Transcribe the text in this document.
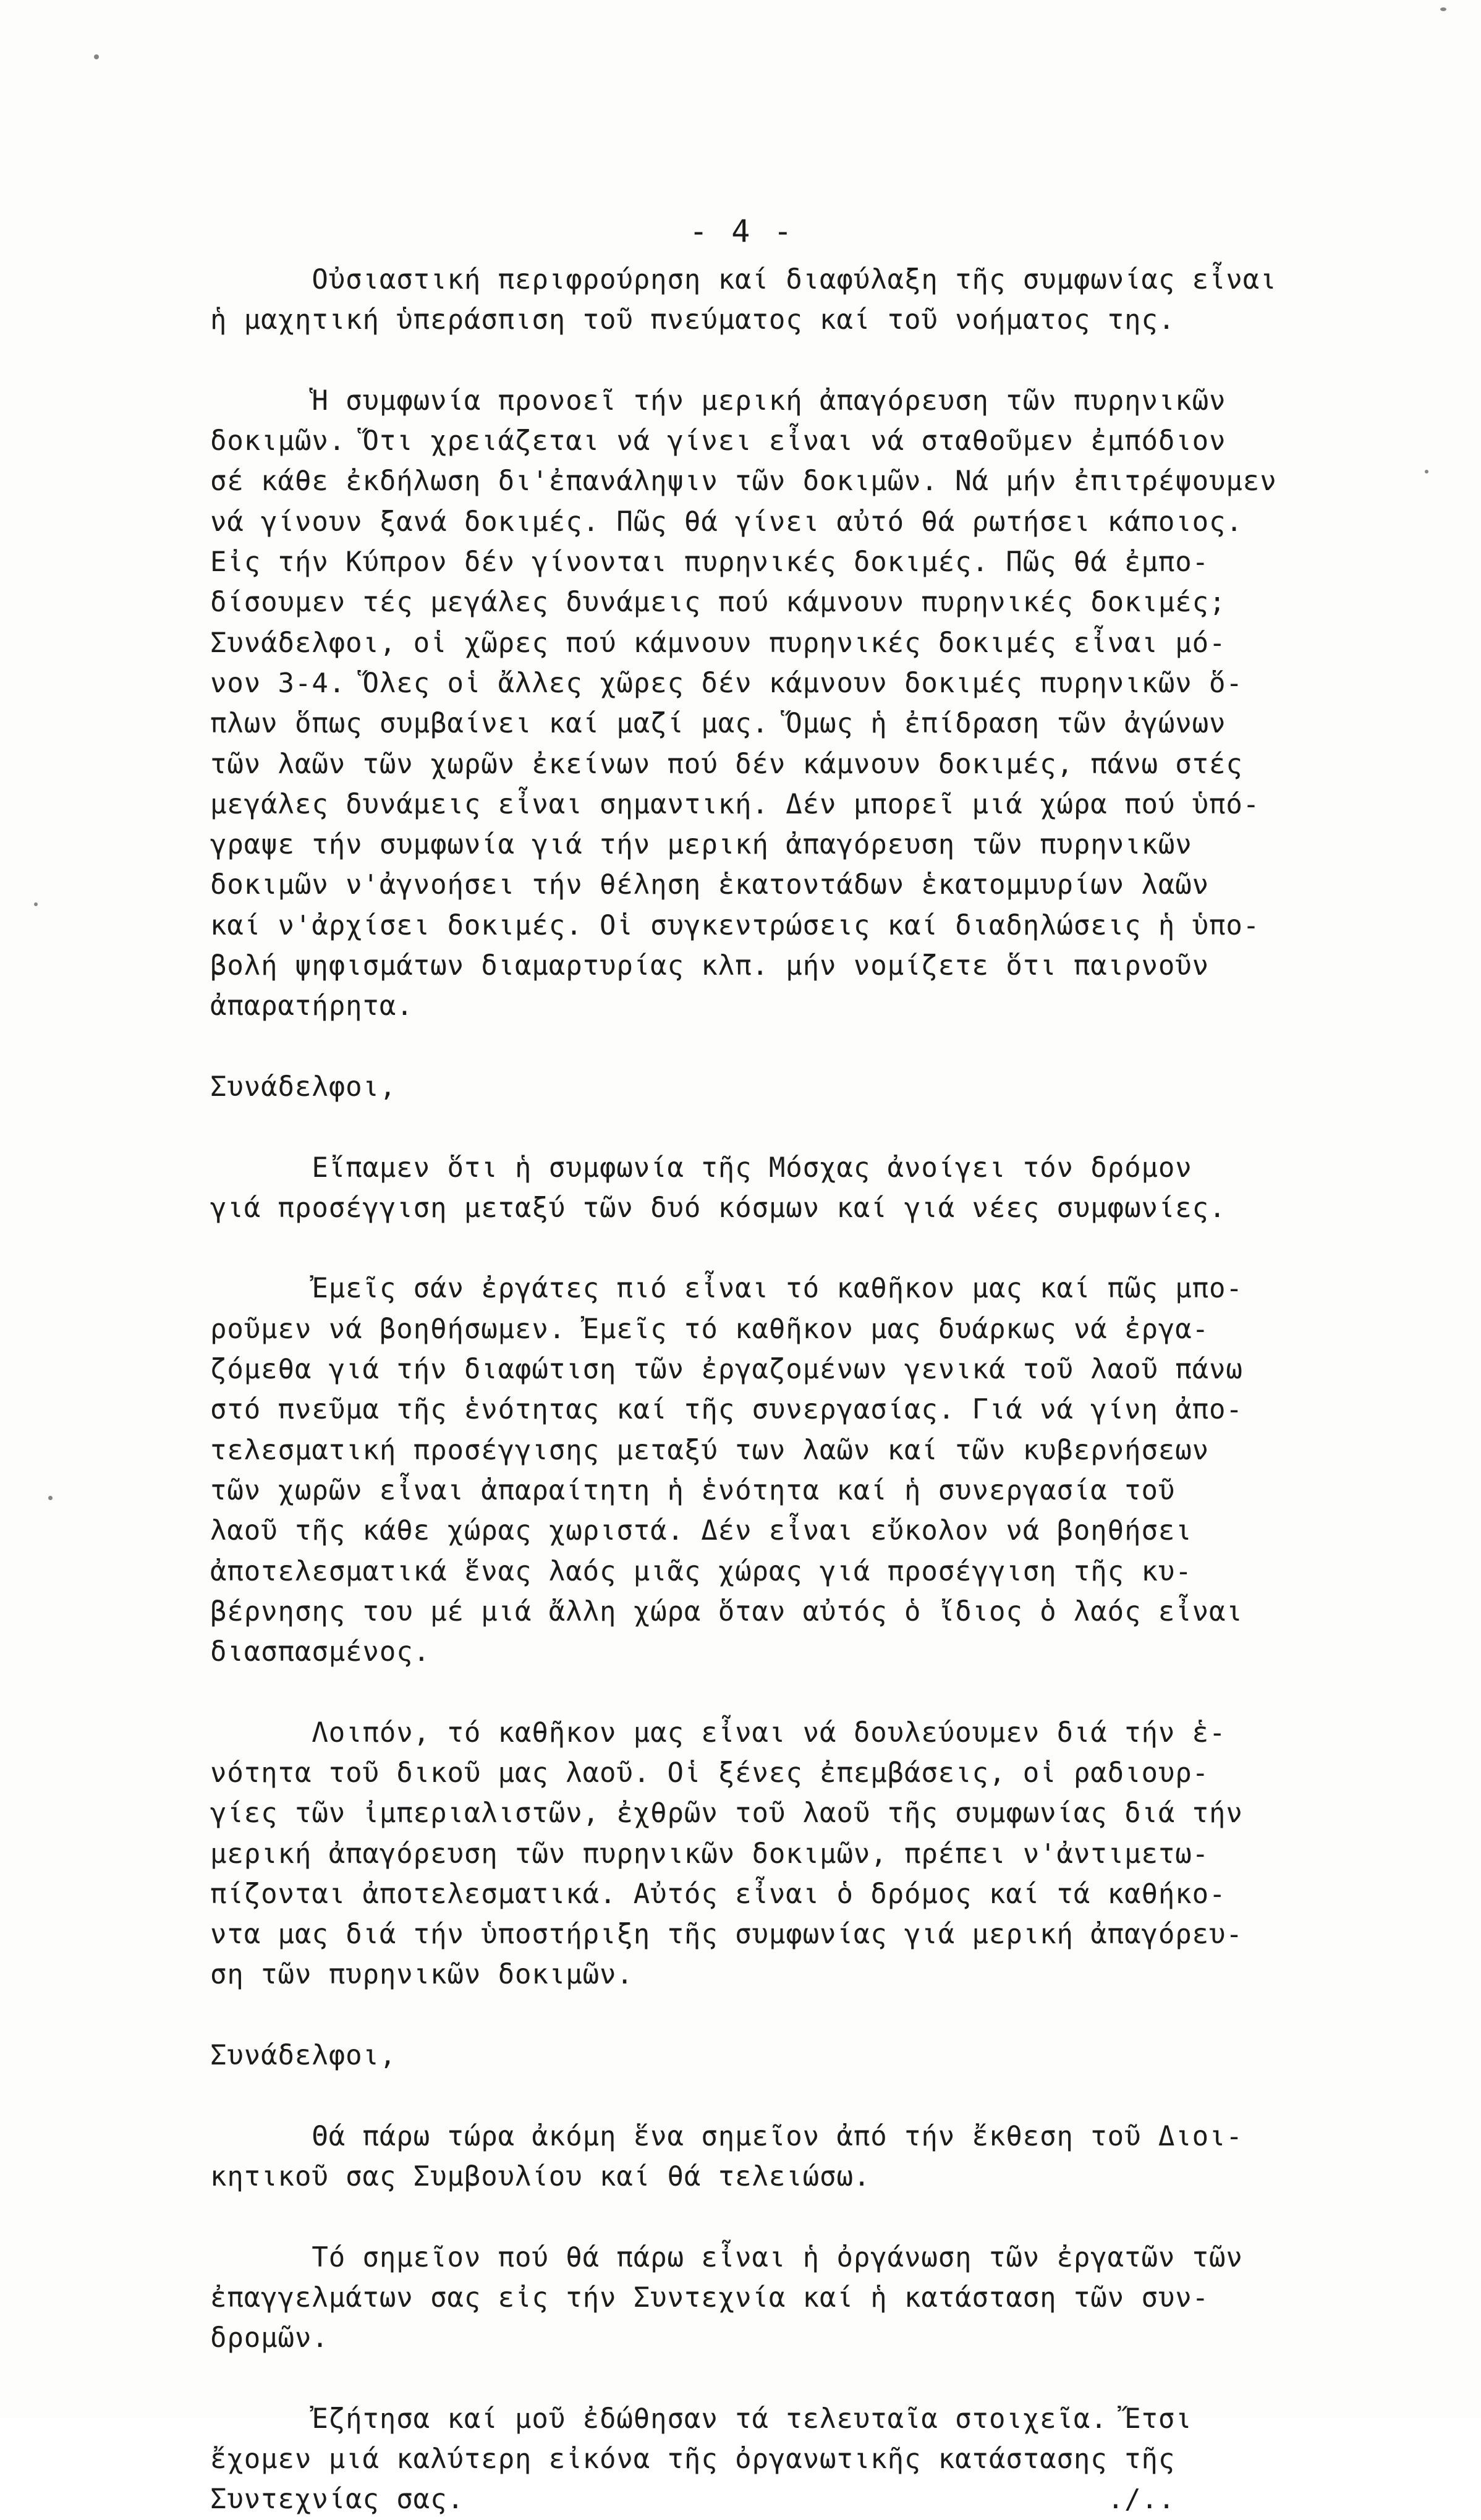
- 4 -
Οὐσιαστική περιφρούρηση καί διαφύλαξη τῆς συμφωνίας εἶναι
ἡ μαχητική ὑπεράσπιση τοῦ πνεύματος καί τοῦ νοήματος της.
Ἡ συμφωνία προνοεῖ τήν μερική ἀπαγόρευση τῶν πυρηνικῶν
δοκιμῶν. Ὅτι χρειάζεται νά γίνει εἶναι νά σταθοῦμεν ἐμπόδιον
σέ κάθε ἐκδήλωση δι'ἐπανάληψιν τῶν δοκιμῶν. Νά μήν ἐπιτρέψουμεν
νά γίνουν ξανά δοκιμές. Πῶς θά γίνει αὐτό θά ρωτήσει κάποιος.
Εἰς τήν Κύπρον δέν γίνονται πυρηνικές δοκιμές. Πῶς θά ἐμπο-
δίσουμεν τές μεγάλες δυνάμεις πού κάμνουν πυρηνικές δοκιμές;
Συνάδελφοι, οἱ χῶρες πού κάμνουν πυρηνικές δοκιμές εἶναι μό-
νον 3-4. Ὅλες οἱ ἄλλες χῶρες δέν κάμνουν δοκιμές πυρηνικῶν ὅ-
πλων ὅπως συμβαίνει καί μαζί μας. Ὅμως ἡ ἐπίδραση τῶν ἀγώνων
τῶν λαῶν τῶν χωρῶν ἐκείνων πού δέν κάμνουν δοκιμές, πάνω στές
μεγάλες δυνάμεις εἶναι σημαντική. Δέν μπορεῖ μιά χώρα πού ὑπό-
γραψε τήν συμφωνία γιά τήν μερική ἀπαγόρευση τῶν πυρηνικῶν
δοκιμῶν ν'ἀγνοήσει τήν θέληση ἑκατοντάδων ἑκατομμυρίων λαῶν
καί ν'ἀρχίσει δοκιμές. Οἱ συγκεντρώσεις καί διαδηλώσεις ἡ ὑπο-
βολή ψηφισμάτων διαμαρτυρίας κλπ. μήν νομίζετε ὅτι παιρνοῦν
ἀπαρατήρητα.
Συνάδελφοι,
Εἴπαμεν ὅτι ἡ συμφωνία τῆς Μόσχας ἀνοίγει τόν δρόμον
γιά προσέγγιση μεταξύ τῶν δυό κόσμων καί γιά νέες συμφωνίες.
Ἐμεῖς σάν ἐργάτες πιό εἶναι τό καθῆκον μας καί πῶς μπο-
ροῦμεν νά βοηθήσωμεν. Ἐμεῖς τό καθῆκον μας δυάρκως νά ἐργα-
ζόμεθα γιά τήν διαφώτιση τῶν ἐργαζομένων γενικά τοῦ λαοῦ πάνω
στό πνεῦμα τῆς ἑνότητας καί τῆς συνεργασίας. Γιά νά γίνη ἀπο-
τελεσματική προσέγγισης μεταξύ των λαῶν καί τῶν κυβερνήσεων
τῶν χωρῶν εἶναι ἀπαραίτητη ἡ ἑνότητα καί ἡ συνεργασία τοῦ
λαοῦ τῆς κάθε χώρας χωριστά. Δέν εἶναι εὔκολον νά βοηθήσει
ἀποτελεσματικά ἕνας λαός μιᾶς χώρας γιά προσέγγιση τῆς κυ-
βέρνησης του μέ μιά ἄλλη χώρα ὅταν αὐτός ὁ ἴδιος ὁ λαός εἶναι
διασπασμένος.
Λοιπόν, τό καθῆκον μας εἶναι νά δουλεύουμεν διά τήν ἑ-
νότητα τοῦ δικοῦ μας λαοῦ. Οἱ ξένες ἐπεμβάσεις, οἱ ραδιουρ-
γίες τῶν ἰμπεριαλιστῶν, ἐχθρῶν τοῦ λαοῦ τῆς συμφωνίας διά τήν
μερική ἀπαγόρευση τῶν πυρηνικῶν δοκιμῶν, πρέπει ν'ἀντιμετω-
πίζονται ἀποτελεσματικά. Αὐτός εἶναι ὁ δρόμος καί τά καθήκο-
ντα μας διά τήν ὑποστήριξη τῆς συμφωνίας γιά μερική ἀπαγόρευ-
ση τῶν πυρηνικῶν δοκιμῶν.
Συνάδελφοι,
Θά πάρω τώρα ἀκόμη ἕνα σημεῖον ἀπό τήν ἔκθεση τοῦ Διοι-
κητικοῦ σας Συμβουλίου καί θά τελειώσω.
Τό σημεῖον πού θά πάρω εἶναι ἡ ὀργάνωση τῶν ἐργατῶν τῶν
ἐπαγγελμάτων σας εἰς τήν Συντεχνία καί ἡ κατάσταση τῶν συν-
δρομῶν.
Ἐζήτησα καί μοῦ ἐδώθησαν τά τελευταῖα στοιχεῖα. Ἔτσι
ἔχομεν μιά καλύτερη εἰκόνα τῆς ὀργανωτικῆς κατάστασης τῆς
Συντεχνίας σας.                                      ./..
